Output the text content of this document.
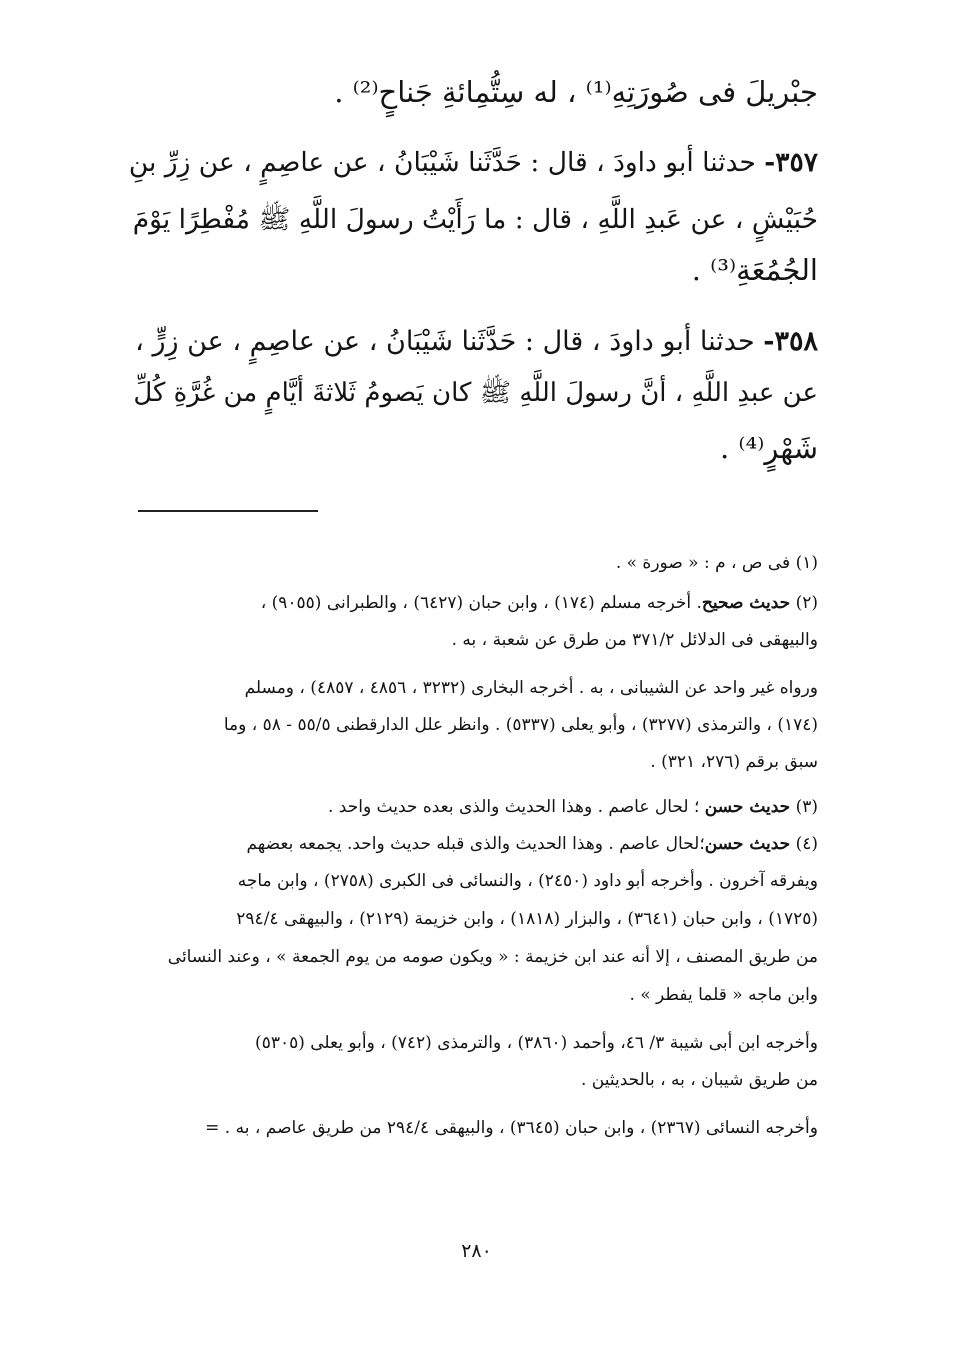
جبْريلَ فى صُورَتِهِ⁽¹⁾ ، له سِتُّمِائةِ جَناحٍ⁽²⁾ .
٣٥٧- حدثنا أبو داودَ ، قال : حَدَّثَنا شَيْبَانُ ، عن عاصِمٍ ، عن زِرِّ بنِ
حُبَيْشٍ ، عن عَبدِ اللَّهِ ، قال : ما رَأَيْتُ رسولَ اللَّهِ ﷺ مُفْطِرًا يَوْمَ
الجُمُعَةِ⁽³⁾ .
٣٥٨- حدثنا أبو داودَ ، قال : حَدَّثَنا شَيْبَانُ ، عن عاصِمٍ ، عن زِرٍّ ،
عن عبدِ اللَّهِ ، أنَّ رسولَ اللَّهِ ﷺ كان يَصومُ ثَلاثةَ أيَّامٍ من غُرَّةِ كُلِّ
شَهْرٍ⁽⁴⁾ .
(١) فى ص ، م : « صورة » .
(٢) حديث صحيح. أخرجه مسلم (١٧٤) ، وابن حبان (٦٤٢٧) ، والطبرانى (٩٠٥٥) ،
والبيهقى فى الدلائل ٣٧١/٢ من طرق عن شعبة ، به .
ورواه غير واحد عن الشيبانى ، به . أخرجه البخارى (٣٢٣٢ ، ٤٨٥٦ ، ٤٨٥٧) ، ومسلم
(١٧٤) ، والترمذى (٣٢٧٧) ، وأبو يعلى (٥٣٣٧) . وانظر علل الدارقطنى ٥٥/٥ - ٥٨ ، وما
سبق برقم (٢٧٦، ٣٢١) .
(٣) حديث حسن ؛ لحال عاصم . وهذا الحديث والذى بعده حديث واحد .
(٤) حديث حسن؛لحال عاصم . وهذا الحديث والذى قبله حديث واحد. يجمعه بعضهم
ويفرقه آخرون . وأخرجه أبو داود (٢٤٥٠) ، والنسائى فى الكبرى (٢٧٥٨) ، وابن ماجه
(١٧٢٥) ، وابن حبان (٣٦٤١) ، والبزار (١٨١٨) ، وابن خزيمة (٢١٢٩) ، والبيهقى ٢٩٤/٤
من طريق المصنف ، إلا أنه عند ابن خزيمة : « ويكون صومه من يوم الجمعة » ، وعند النسائى
وابن ماجه « قلما يفطر » .
وأخرجه ابن أبى شيبة ٣/ ٤٦، وأحمد (٣٨٦٠) ، والترمذى (٧٤٢) ، وأبو يعلى (٥٣٠٥)
من طريق شيبان ، به ، بالحديثين .
وأخرجه النسائى (٢٣٦٧) ، وابن حبان (٣٦٤٥) ، والبيهقى ٢٩٤/٤ من طريق عاصم ، به . =
٢٨٠
